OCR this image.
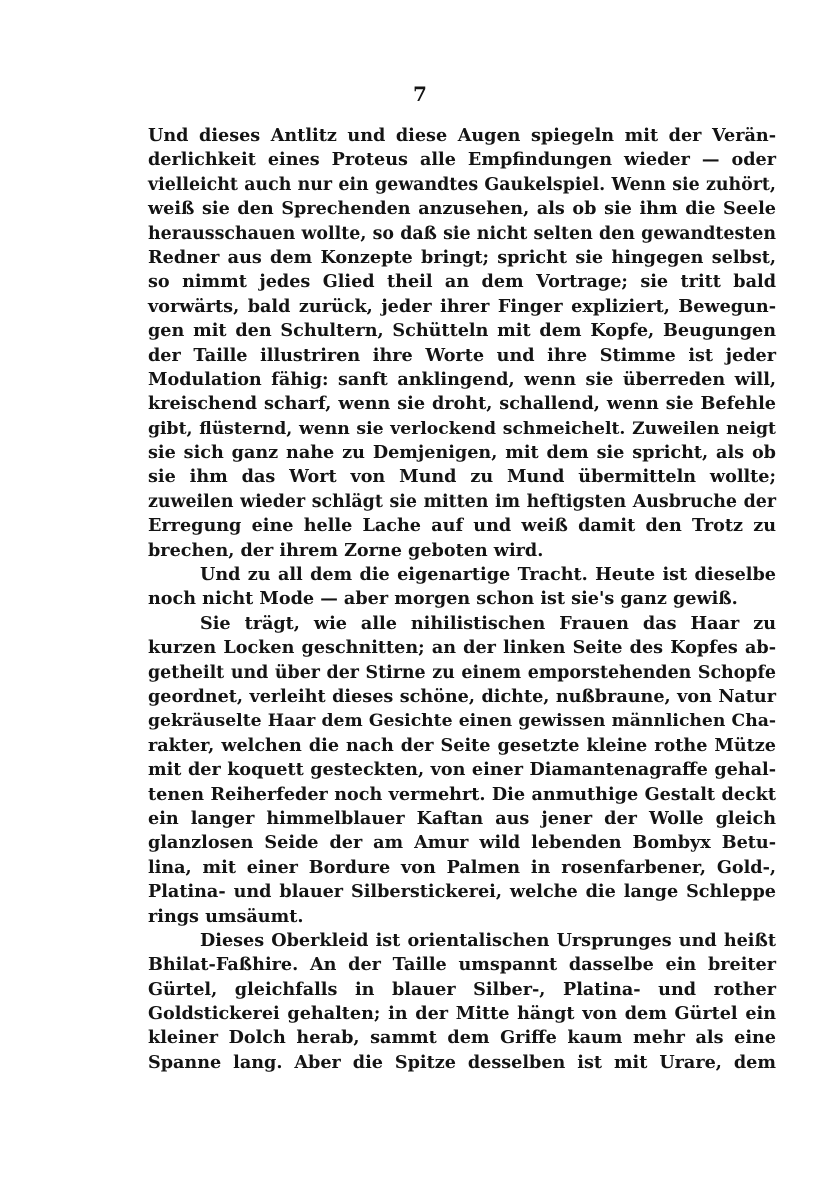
7
Und dieses Antlitz und diese Augen spiegeln mit der Verän-
derlichkeit eines Proteus alle Empfindungen wieder — oder
vielleicht auch nur ein gewandtes Gaukelspiel. Wenn sie zuhört,
weiß sie den Sprechenden anzusehen, als ob sie ihm die Seele
herausschauen wollte, so daß sie nicht selten den gewandtesten
Redner aus dem Konzepte bringt; spricht sie hingegen selbst,
so nimmt jedes Glied theil an dem Vortrage; sie tritt bald
vorwärts, bald zurück, jeder ihrer Finger expliziert, Bewegun-
gen mit den Schultern, Schütteln mit dem Kopfe, Beugungen
der Taille illustriren ihre Worte und ihre Stimme ist jeder
Modulation fähig: sanft anklingend, wenn sie überreden will,
kreischend scharf, wenn sie droht, schallend, wenn sie Befehle
gibt, flüsternd, wenn sie verlockend schmeichelt. Zuweilen neigt
sie sich ganz nahe zu Demjenigen, mit dem sie spricht, als ob
sie ihm das Wort von Mund zu Mund übermitteln wollte;
zuweilen wieder schlägt sie mitten im heftigsten Ausbruche der
Erregung eine helle Lache auf und weiß damit den Trotz zu
brechen, der ihrem Zorne geboten wird.
Und zu all dem die eigenartige Tracht. Heute ist dieselbe
noch nicht Mode — aber morgen schon ist sie's ganz gewiß.
Sie trägt, wie alle nihilistischen Frauen das Haar zu
kurzen Locken geschnitten; an der linken Seite des Kopfes ab-
getheilt und über der Stirne zu einem emporstehenden Schopfe
geordnet, verleiht dieses schöne, dichte, nußbraune, von Natur
gekräuselte Haar dem Gesichte einen gewissen männlichen Cha-
rakter, welchen die nach der Seite gesetzte kleine rothe Mütze
mit der koquett gesteckten, von einer Diamantenagraffe gehal-
tenen Reiherfeder noch vermehrt. Die anmuthige Gestalt deckt
ein langer himmelblauer Kaftan aus jener der Wolle gleich
glanzlosen Seide der am Amur wild lebenden Bombyx Betu-
lina, mit einer Bordure von Palmen in rosenfarbener, Gold-,
Platina- und blauer Silberstickerei, welche die lange Schleppe
rings umsäumt.
Dieses Oberkleid ist orientalischen Ursprunges und heißt
Bhilat-Faßhire. An der Taille umspannt dasselbe ein breiter
Gürtel, gleichfalls in blauer Silber-, Platina- und rother
Goldstickerei gehalten; in der Mitte hängt von dem Gürtel ein
kleiner Dolch herab, sammt dem Griffe kaum mehr als eine
Spanne lang. Aber die Spitze desselben ist mit Urare, dem
